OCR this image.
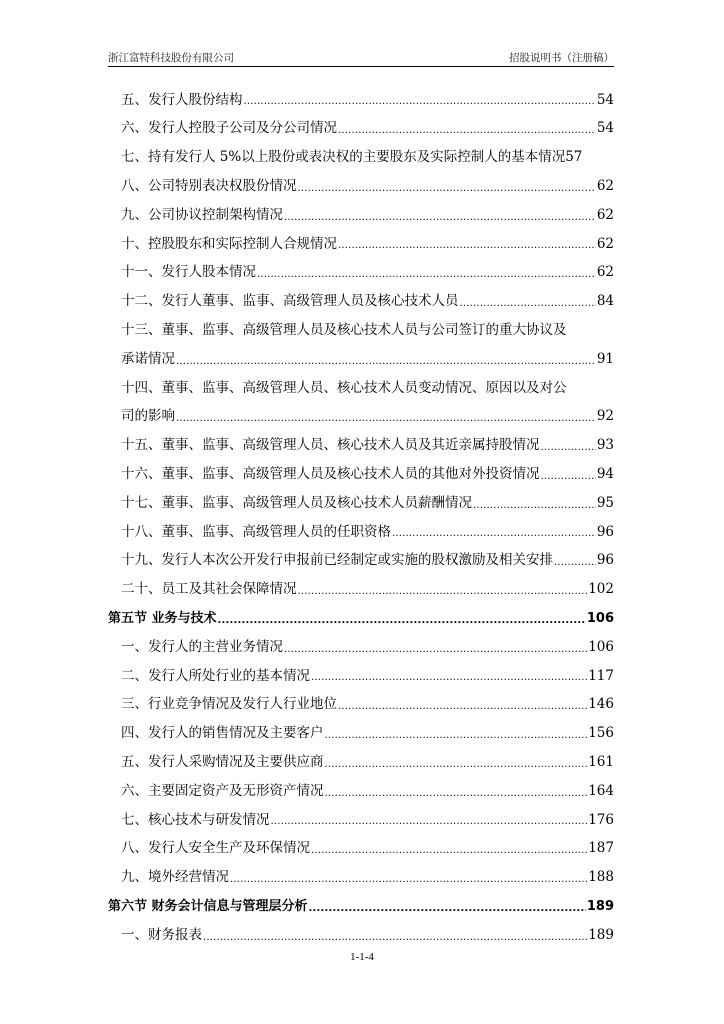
浙江富特科技股份有限公司	招股说明书（注册稿）
五、发行人股份结构 .....	54
六、发行人控股子公司及分公司情况 .....	54
七、持有发行人 5%以上股份或表决权的主要股东及实际控制人的基本情况 57
八、公司特别表决权股份情况 .....	62
九、公司协议控制架构情况 .....	62
十、控股股东和实际控制人合规情况 .....	62
十一、发行人股本情况 .....	62
十二、发行人董事、监事、高级管理人员及核心技术人员 .....	84
十三、董事、监事、高级管理人员及核心技术人员与公司签订的重大协议及
承诺情况 .....	91
十四、董事、监事、高级管理人员、核心技术人员变动情况、原因以及对公
司的影响 .....	92
十五、董事、监事、高级管理人员、核心技术人员及其近亲属持股情况 .....	93
十六、董事、监事、高级管理人员及核心技术人员的其他对外投资情况 .....	94
十七、董事、监事、高级管理人员及核心技术人员薪酬情况 .....	95
十八、董事、监事、高级管理人员的任职资格 .....	96
十九、发行人本次公开发行申报前已经制定或实施的股权激励及相关安排 .....	96
二十、员工及其社会保障情况 .....	102
第五节 业务与技术 .....	106
一、发行人的主营业务情况 .....	106
二、发行人所处行业的基本情况 .....	117
三、行业竞争情况及发行人行业地位 .....	146
四、发行人的销售情况及主要客户 .....	156
五、发行人采购情况及主要供应商 .....	161
六、主要固定资产及无形资产情况 .....	164
七、核心技术与研发情况 .....	176
八、发行人安全生产及环保情况 .....	187
九、境外经营情况 .....	188
第六节 财务会计信息与管理层分析 .....	189
一、财务报表 .....	189
1-1-4
